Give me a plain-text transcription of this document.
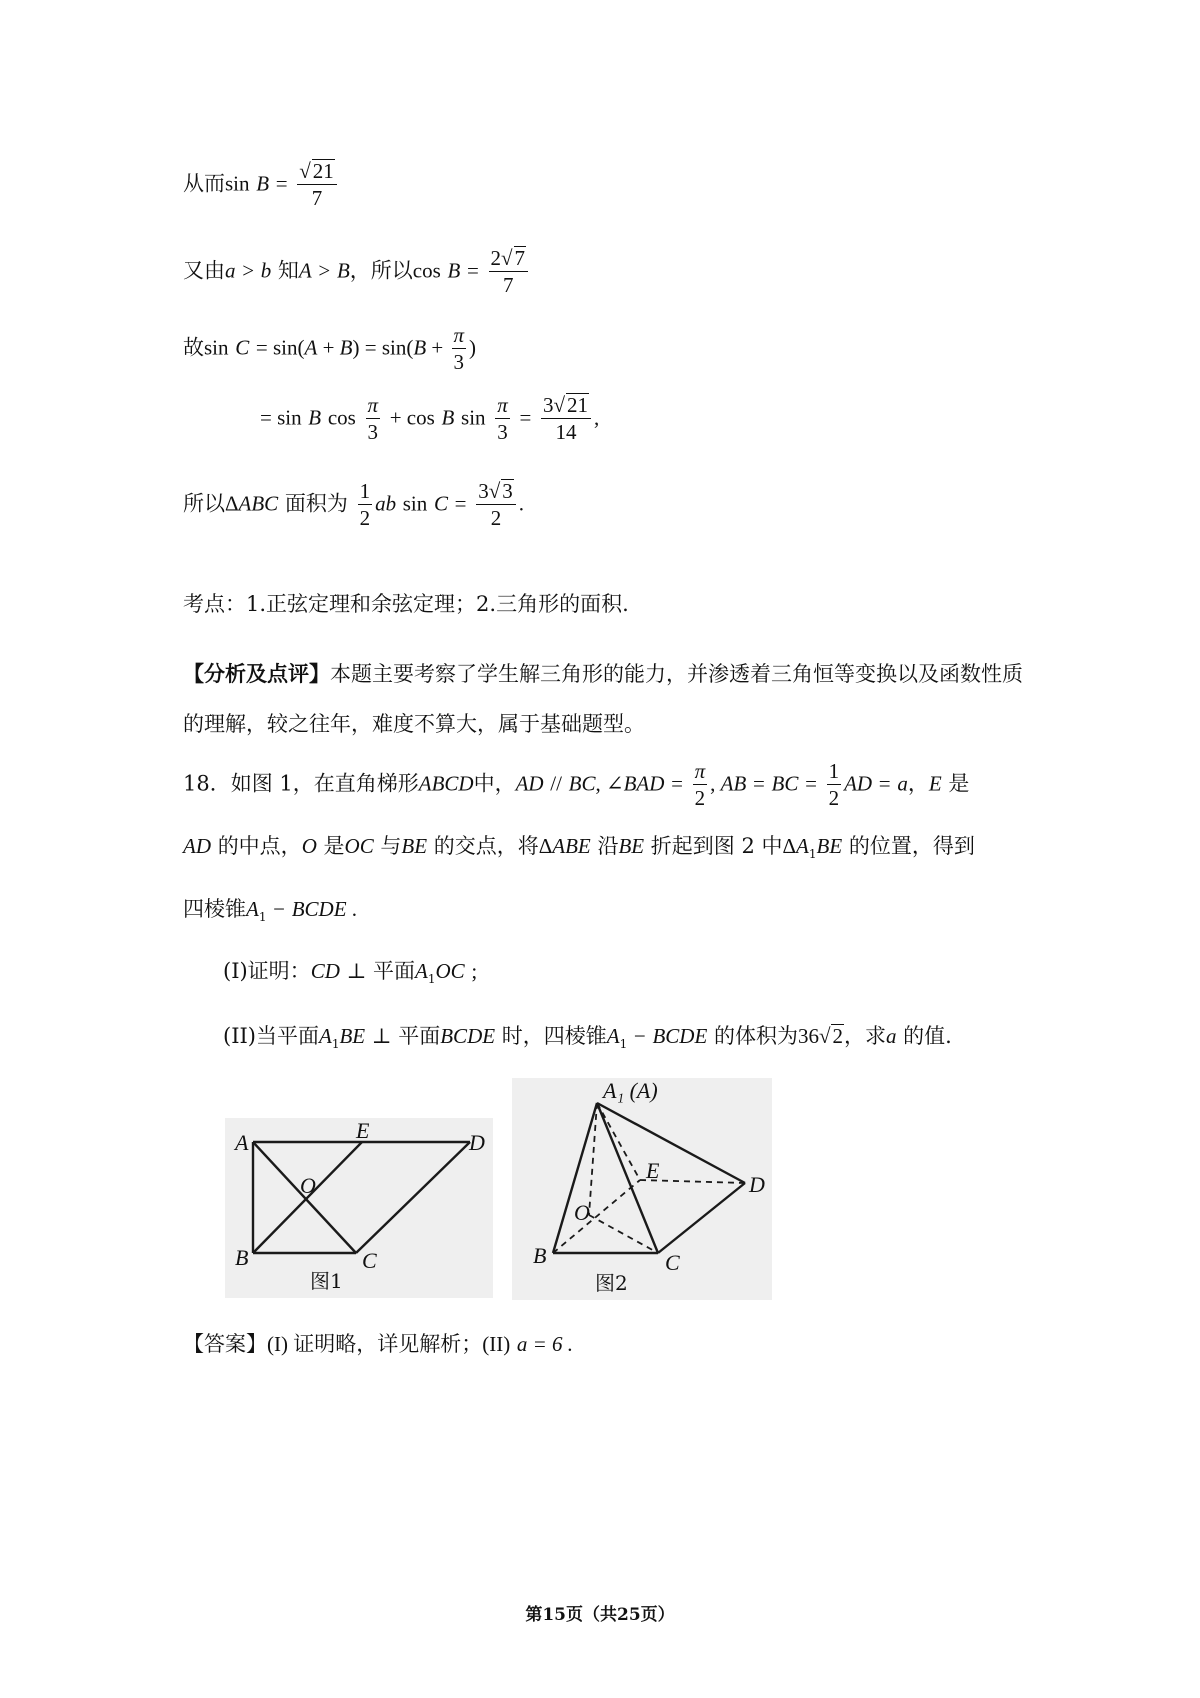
从而$\sin B = \frac{√21}{7}$
又由a > b 知A > B，所以$\cos B = \frac{2√7}{7}$
故$\sin C = \sin(A + B) = \sin(B + \frac{\pi}{3}$ )
= sin B $\cos \frac{\pi}{3} + \cos B$ $\sin \frac{\pi}{3} = \frac{3√21}{14}$ ,
所以ΔABC 面积为 $\frac{1}{2}$ ab $\sin C = \frac{3√3}{2}$ .
考点：1.正弦定理和余弦定理；2.三角形的面积.
【分析及点评】本题主要考察了学生解三角形的能力，并渗透着三角恒等变换以及函数性质
的理解，较之往年，难度不算大，属于基础题型。
18．如图 1，在直角梯形ABCD中，AD // BC, ∠BAD = $\frac{\pi}{2}$ , AB = BC = $\frac{1}{2}$ AD = a，E 是
AD 的中点，O 是OC 与BE 的交点，将ΔABE 沿BE 折起到图 2 中$\Delta A_1BE$ 的位置，得到
四棱锥$A_1$ − BCDE .
(I)证明：CD ⊥ 平面$A_1OC$ ;
(II)当平面$A_1BE$ ⊥ 平面BCDE 时，四棱锥$A_1$ − BCDE 的体积为36√2，求a 的值.
A	E	D
O
B	C
图1
A₁ (A)
E
D
O
B	C
图2
【答案】(I) 证明略，详见解析；(II) a = 6 .
第15页（共25页）
